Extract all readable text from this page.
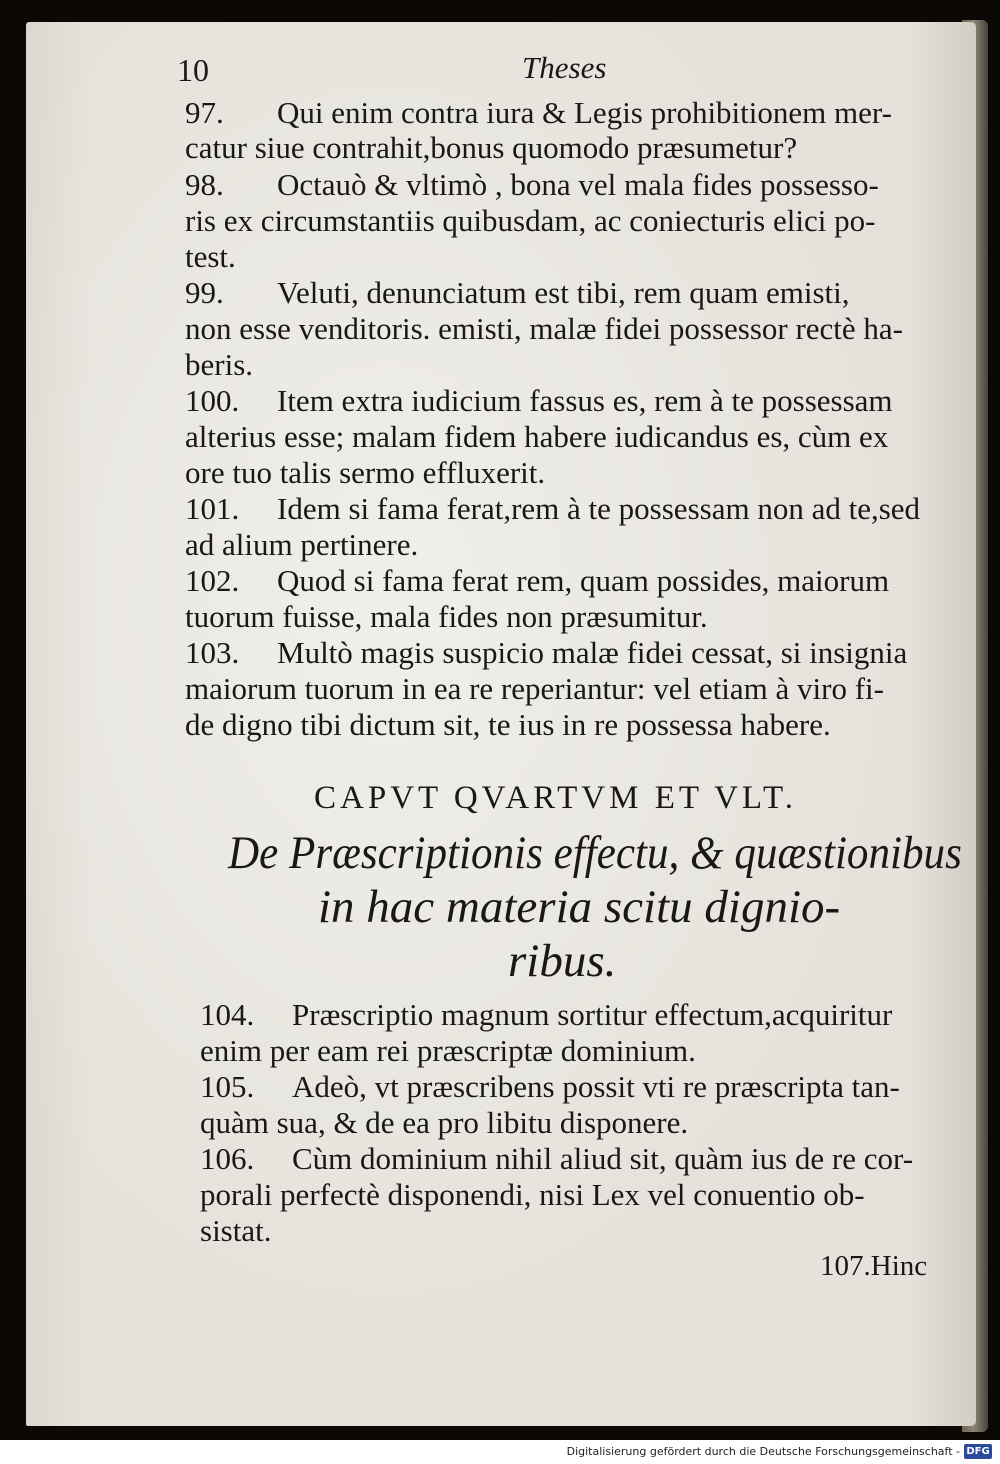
10	Theses
97. Qui enim contra iura & Legis prohibitionem mer-
catur siue contrahit,bonus quomodo præsumetur?
98. Octauò & vltimò , bona vel mala fides possesso-
ris ex circumstantiis quibusdam, ac coniecturis elici po-
test.
99. Veluti, denunciatum est tibi, rem quam emisti,
non esse venditoris. emisti, malæ fidei possessor rectè ha-
beris.
100. Item extra iudicium fassus es, rem à te possessam
alterius esse; malam fidem habere iudicandus es, cùm ex
ore tuo talis sermo effluxerit.
101. Idem si fama ferat,rem à te possessam non ad te,sed
ad alium pertinere.
102. Quod si fama ferat rem, quam possides, maiorum
tuorum fuisse, mala fides non præsumitur.
103. Multò magis suspicio malæ fidei cessat, si insignia
maiorum tuorum in ea re reperiantur: vel etiam à viro fi-
de digno tibi dictum sit, te ius in re possessa habere.
CAPVT QVARTVM ET VLT.
De Præscriptionis effectu, & quæstionibus
in hac materia scitu dignio-
ribus.
104. Præscriptio magnum sortitur effectum,acquiritur
enim per eam rei præscriptæ dominium.
105. Adeò, vt præscribens possit vti re præscripta tan-
quàm sua, & de ea pro libitu disponere.
106. Cùm dominium nihil aliud sit, quàm ius de re cor-
porali perfectè disponendi, nisi Lex vel conuentio ob-
sistat.
107.Hinc
Digitalisierung gefördert durch die Deutsche Forschungsgemeinschaft - DFG
